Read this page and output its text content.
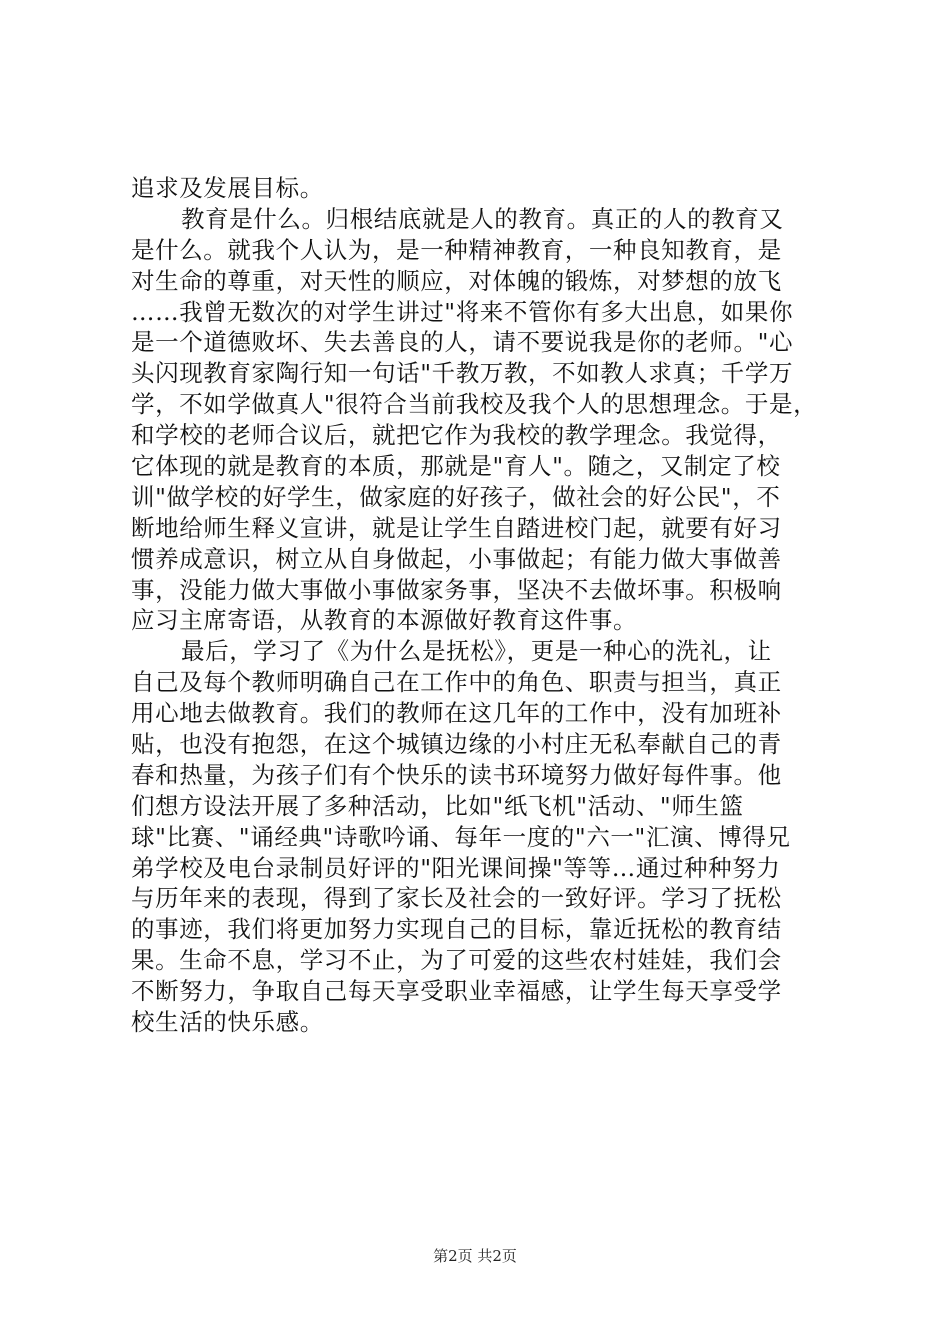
追求及发展目标。
教育是什么。归根结底就是人的教育。真正的人的教育又
是什么。就我个人认为，是一种精神教育，一种良知教育，是
对生命的尊重，对天性的顺应，对体魄的锻炼，对梦想的放飞
……我曾无数次的对学生讲过"将来不管你有多大出息，如果你
是一个道德败坏、失去善良的人，请不要说我是你的老师。"心
头闪现教育家陶行知一句话"千教万教，不如教人求真；千学万
学，不如学做真人"很符合当前我校及我个人的思想理念。于是，
和学校的老师合议后，就把它作为我校的教学理念。我觉得，
它体现的就是教育的本质，那就是"育人"。随之，又制定了校
训"做学校的好学生，做家庭的好孩子，做社会的好公民"，不
断地给师生释义宣讲，就是让学生自踏进校门起，就要有好习
惯养成意识，树立从自身做起，小事做起；有能力做大事做善
事，没能力做大事做小事做家务事，坚决不去做坏事。积极响
应习主席寄语，从教育的本源做好教育这件事。
最后，学习了《为什么是抚松》，更是一种心的洗礼，让
自己及每个教师明确自己在工作中的角色、职责与担当，真正
用心地去做教育。我们的教师在这几年的工作中，没有加班补
贴，也没有抱怨，在这个城镇边缘的小村庄无私奉献自己的青
春和热量，为孩子们有个快乐的读书环境努力做好每件事。他
们想方设法开展了多种活动，比如"纸飞机"活动、"师生篮
球"比赛、"诵经典"诗歌吟诵、每年一度的"六一"汇演、博得兄
弟学校及电台录制员好评的"阳光课间操"等等…通过种种努力
与历年来的表现，得到了家长及社会的一致好评。学习了抚松
的事迹，我们将更加努力实现自己的目标，靠近抚松的教育结
果。生命不息，学习不止，为了可爱的这些农村娃娃，我们会
不断努力，争取自己每天享受职业幸福感，让学生每天享受学
校生活的快乐感。
第2页 共2页
